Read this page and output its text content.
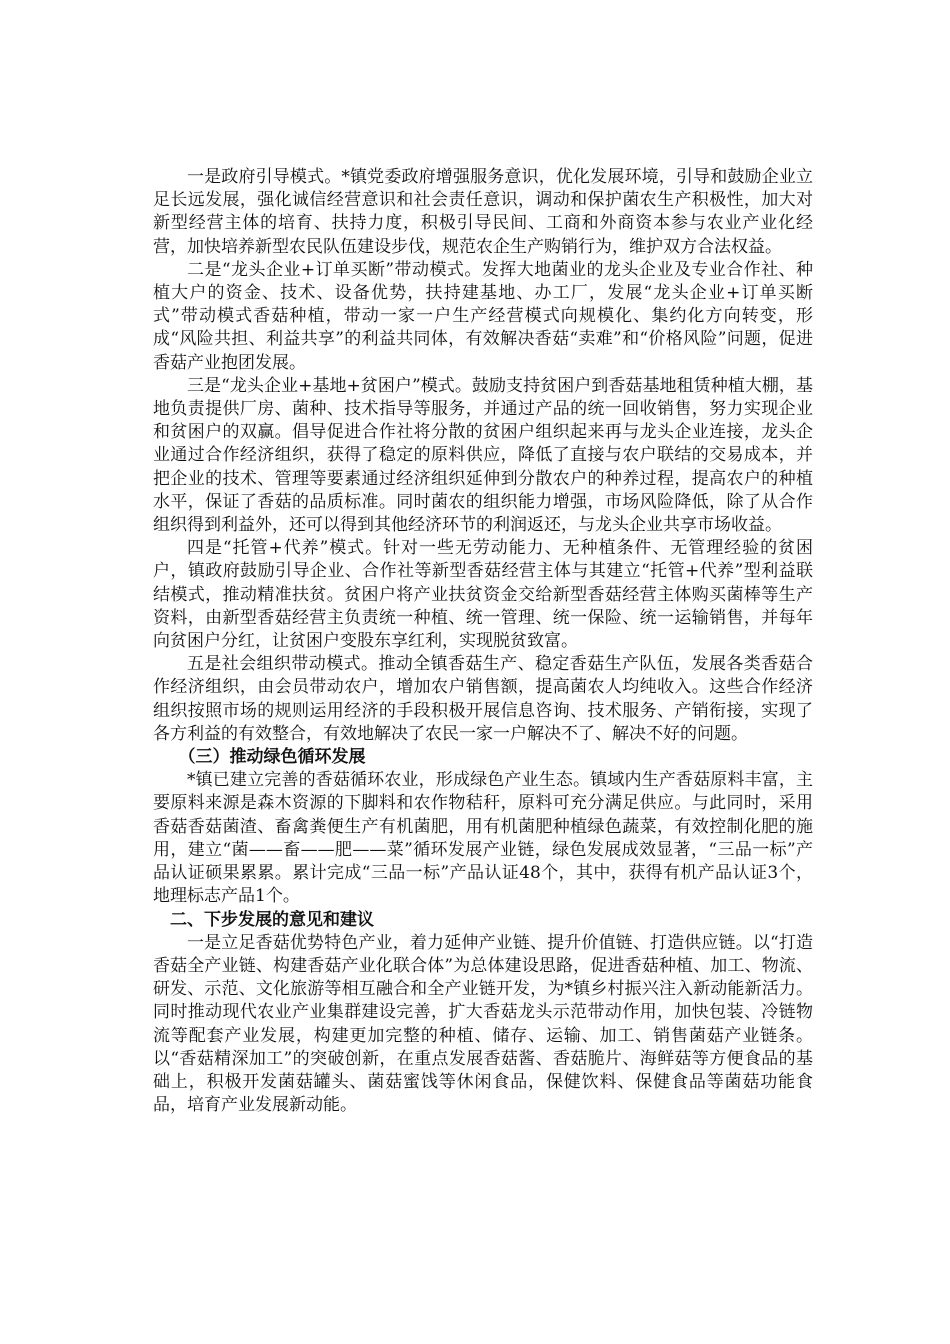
一是政府引导模式。*镇党委政府增强服务意识，优化发展环境，引导和鼓励企业立足长远发展，强化诚信经营意识和社会责任意识，调动和保护菌农生产积极性，加大对新型经营主体的培育、扶持力度，积极引导民间、工商和外商资本参与农业产业化经营，加快培养新型农民队伍建设步伐，规范农企生产购销行为，维护双方合法权益。

二是“龙头企业+订单买断”带动模式。发挥大地菌业的龙头企业及专业合作社、种植大户的资金、技术、设备优势，扶持建基地、办工厂，发展“龙头企业+订单买断式”带动模式香菇种植，带动一家一户生产经营模式向规模化、集约化方向转变，形成“风险共担、利益共享”的利益共同体，有效解决香菇“卖难”和“价格风险”问题，促进香菇产业抱团发展。

三是“龙头企业+基地+贫困户”模式。鼓励支持贫困户到香菇基地租赁种植大棚，基地负责提供厂房、菌种、技术指导等服务，并通过产品的统一回收销售，努力实现企业和贫困户的双赢。倡导促进合作社将分散的贫困户组织起来再与龙头企业连接，龙头企业通过合作经济组织，获得了稳定的原料供应，降低了直接与农户联结的交易成本，并把企业的技术、管理等要素通过经济组织延伸到分散农户的种养过程，提高农户的种植水平，保证了香菇的品质标准。同时菌农的组织能力增强，市场风险降低，除了从合作组织得到利益外，还可以得到其他经济环节的利润返还，与龙头企业共享市场收益。

四是“托管+代养”模式。针对一些无劳动能力、无种植条件、无管理经验的贫困户，镇政府鼓励引导企业、合作社等新型香菇经营主体与其建立“托管+代养”型利益联结模式，推动精准扶贫。贫困户将产业扶贫资金交给新型香菇经营主体购买菌棒等生产资料，由新型香菇经营主负责统一种植、统一管理、统一保险、统一运输销售，并每年向贫困户分红，让贫困户变股东享红利，实现脱贫致富。

五是社会组织带动模式。推动全镇香菇生产、稳定香菇生产队伍，发展各类香菇合作经济组织，由会员带动农户，增加农户销售额，提高菌农人均纯收入。这些合作经济组织按照市场的规则运用经济的手段积极开展信息咨询、技术服务、产销衔接，实现了各方利益的有效整合，有效地解决了农民一家一户解决不了、解决不好的问题。

（三）推动绿色循环发展

*镇已建立完善的香菇循环农业，形成绿色产业生态。镇域内生产香菇原料丰富，主要原料来源是森木资源的下脚料和农作物秸秆，原料可充分满足供应。与此同时，采用香菇香菇菌渣、畜禽粪便生产有机菌肥，用有机菌肥种植绿色蔬菜，有效控制化肥的施用，建立“菌——畜——肥——菜”循环发展产业链，绿色发展成效显著，“三品一标”产品认证硕果累累。累计完成“三品一标”产品认证48个，其中，获得有机产品认证3个，地理标志产品1个。

二、下步发展的意见和建议

一是立足香菇优势特色产业，着力延伸产业链、提升价值链、打造供应链。以“打造香菇全产业链、构建香菇产业化联合体”为总体建设思路，促进香菇种植、加工、物流、研发、示范、文化旅游等相互融合和全产业链开发，为*镇乡村振兴注入新动能新活力。同时推动现代农业产业集群建设完善，扩大香菇龙头示范带动作用，加快包装、冷链物流等配套产业发展，构建更加完整的种植、储存、运输、加工、销售菌菇产业链条。以“香菇精深加工”的突破创新，在重点发展香菇酱、香菇脆片、海鲜菇等方便食品的基础上，积极开发菌菇罐头、菌菇蜜饯等休闲食品，保健饮料、保健食品等菌菇功能食品，培育产业发展新动能。
